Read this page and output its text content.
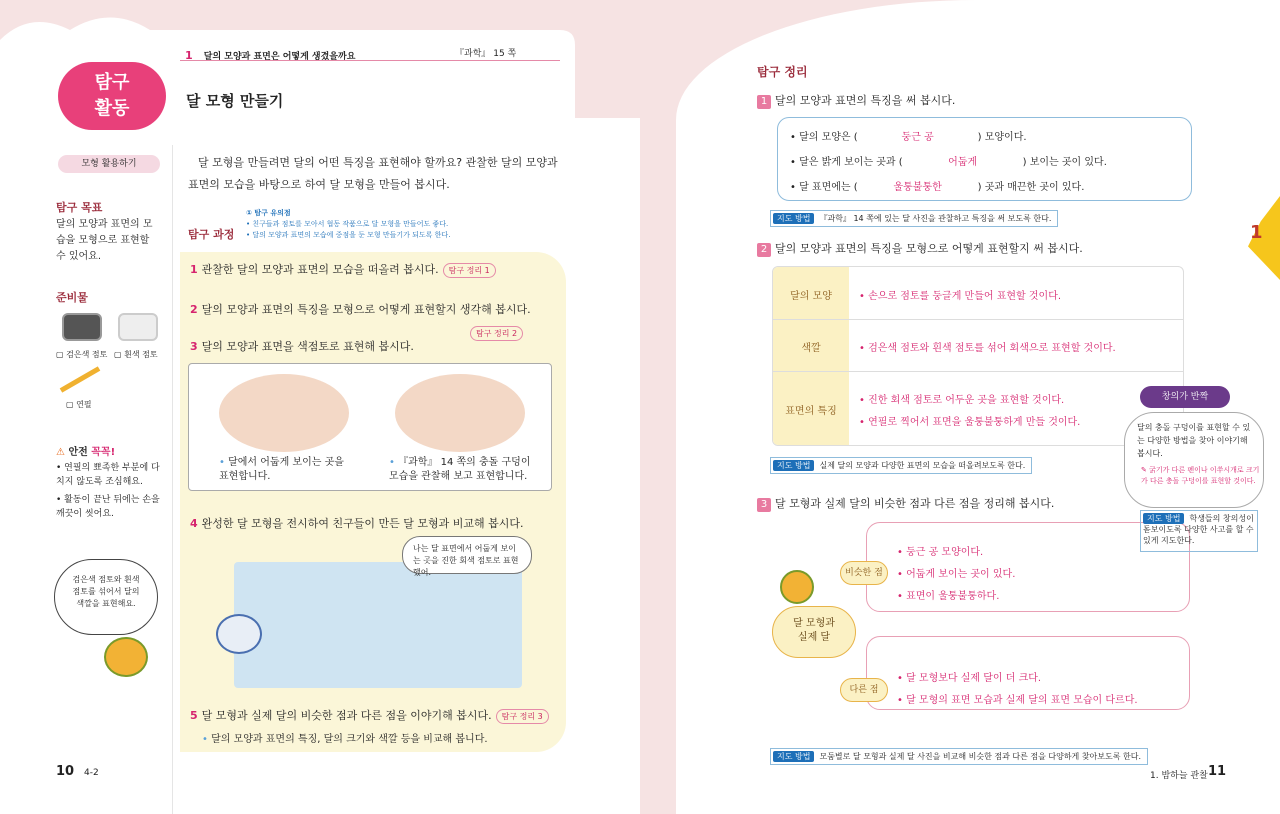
1 달의 모양과 표면은 어떻게 생겼을까요	『과학』 15 쪽
탐구
활동	달 모형 만들기
모형 활용하기
탐구 목표
달의 모양과 표면의 모습을 모형으로 표현할 수 있어요.
준비물
▢ 검은색 점토 ▢ 흰색 점토
▢ 연필
⚠ 안전 꼭꼭!
• 연필의 뾰족한 부분에 다치지 않도록 조심해요.
• 활동이 끝난 뒤에는 손을 깨끗이 씻어요.
검은색 점토와 흰색 점토를 섞어서 달의 색깔을 표현해요.
달 모형을 만들려면 달의 어떤 특징을 표현해야 할까요? 관찰한 달의 모양과 표면의 모습을 바탕으로 하여 달 모형을 만들어 봅시다.
탐구 과정
① 탐구 유의점
• 친구들과 점토를 모아서 협동 작품으로 달 모형을 만들어도 좋다.
• 달의 모양과 표면의 모습에 중점을 둔 모형 만들기가 되도록 한다.
1 관찰한 달의 모양과 표면의 모습을 떠올려 봅시다. 탐구 정리 1
2 달의 모양과 표면의 특징을 모형으로 어떻게 표현할지 생각해 봅시다.
탐구 정리 2
3 달의 모양과 표면을 색점토로 표현해 봅시다.
• 달에서 어둡게 보이는 곳을 표현합니다.
• 『과학』 14 쪽의 충돌 구덩이 모습을 관찰해 보고 표현합니다.
4 완성한 달 모형을 전시하여 친구들이 만든 달 모형과 비교해 봅시다.
나는 달 표면에서 어둡게 보이는 곳을 진한 회색 점토로 표현했어.
5 달 모형과 실제 달의 비슷한 점과 다른 점을 이야기해 봅시다. 탐구 정리 3
• 달의 모양과 표면의 특징, 달의 크기와 색깔 등을 비교해 봅니다.
10 4-2
1
탐구 정리
1 달의 모양과 표면의 특징을 써 봅시다.
• 달의 모양은 (	둥근 공	) 모양이다.
• 달은 밝게 보이는 곳과 (	어둡게	) 보이는 곳이 있다.
• 달 표면에는 (	울퉁불퉁한	) 곳과 매끈한 곳이 있다.
지도 방법 『과학』 14 쪽에 있는 달 사진을 관찰하고 특징을 써 보도록 한다.
2 달의 모양과 표면의 특징을 모형으로 어떻게 표현할지 써 봅시다.
달의 모양	• 손으로 점토를 둥글게 만들어 표현할 것이다.
색깔	• 검은색 점토와 흰색 점토를 섞어 회색으로 표현할 것이다.
표면의 특징
• 진한 회색 점토로 어두운 곳을 표현할 것이다.
• 연필로 찍어서 표면을 울퉁불퉁하게 만들 것이다.
지도 방법 실제 달의 모양과 다양한 표면의 모습을 떠올려보도록 한다.
3 달 모형과 실제 달의 비슷한 점과 다른 점을 정리해 봅시다.
• 둥근 공 모양이다.
• 어둡게 보이는 곳이 있다.
• 표면이 울퉁불퉁하다.
• 달 모형보다 실제 달이 더 크다.
• 달 모형의 표면 모습과 실제 달의 표면 모습이 다르다.
비슷한 점
다른 점
달 모형과 실제 달
지도 방법 모둠별로 달 모형과 실제 달 사진을 비교해 비슷한 점과 다른 점을 다양하게 찾아보도록 한다.
창의가 반짝
달의 충돌 구덩이를 표현할 수 있는 다양한 방법을 찾아 이야기해 봅시다.
✎ 굵기가 다른 펜이나 이쑤시개로 크기가 다른 충돌 구덩이를 표현할 것이다.
지도 방법 학생들의 창의성이 돋보이도록 다양한 사고를 할 수 있게 지도한다.
1. 밤하늘 관찰 11
